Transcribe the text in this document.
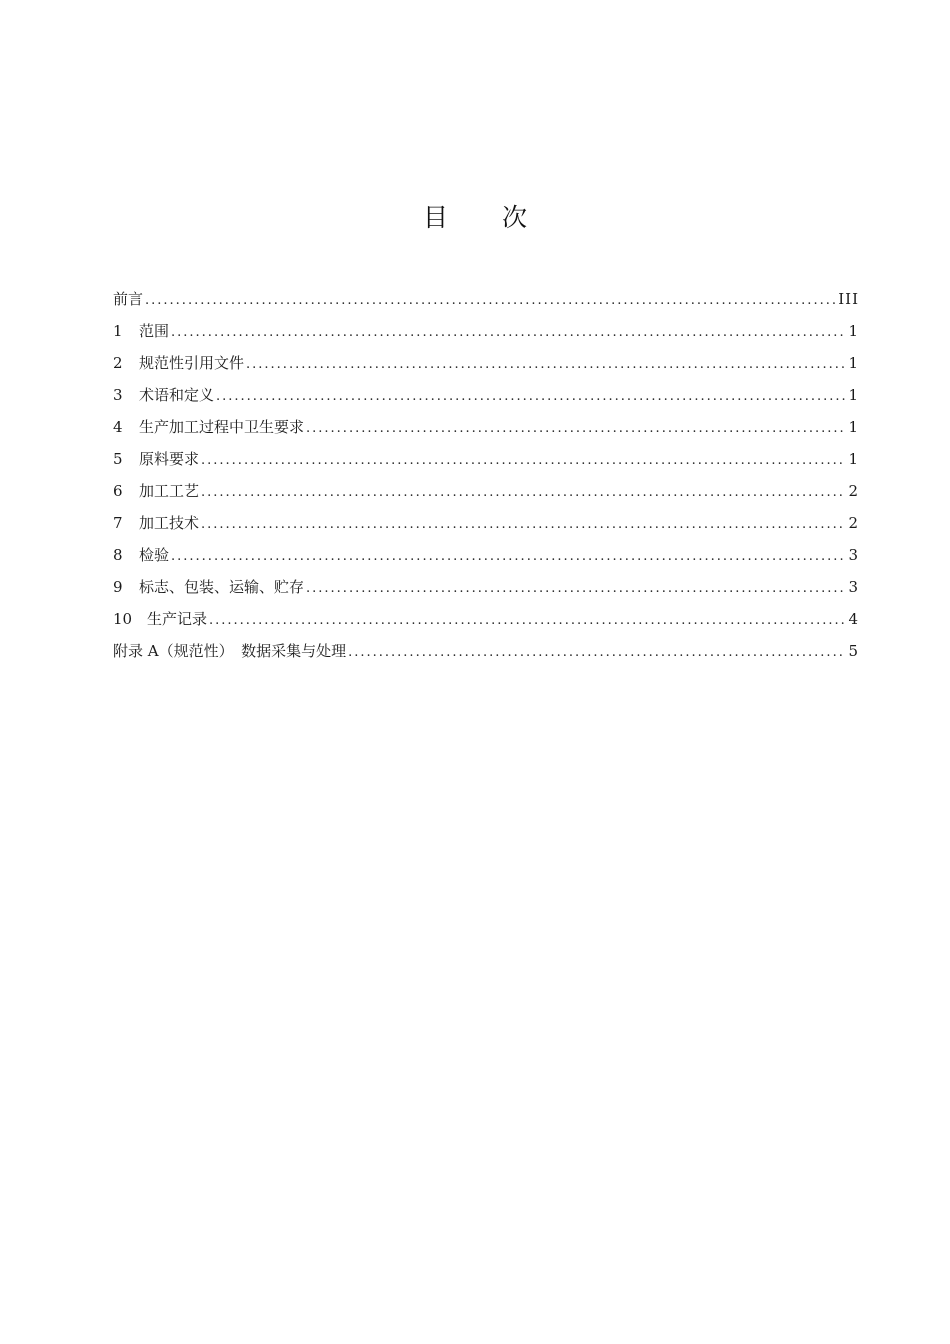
目次
前言 .....	III
1	范围 .....	1
2	规范性引用文件 .....	1
3	术语和定义 .....	1
4	生产加工过程中卫生要求 .....	1
5	原料要求 .....	1
6	加工工艺 .....	2
7	加工技术 .....	2
8	检验 .....	3
9	标志、包装、运输、贮存 .....	3
10 生产记录 .....	4
附录 A（规范性）　数据采集与处理 .....	5
